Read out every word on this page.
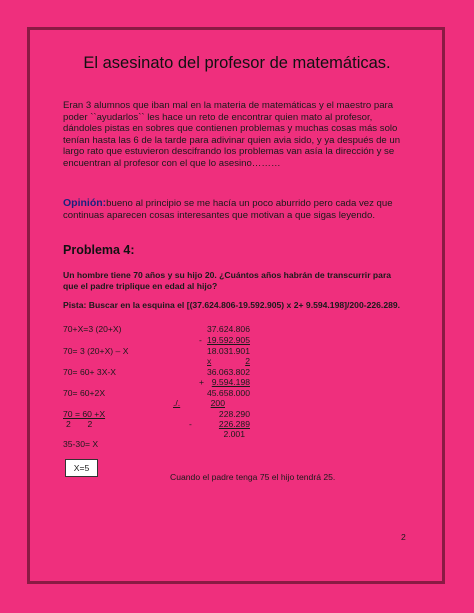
El asesinato del profesor de matemáticas.
Eran 3 alumnos que iban mal en la materia de matemáticas y el maestro para poder ``ayudarlos`` les hace un reto de encontrar quien mato al profesor, dándoles pistas en sobres que contienen problemas y muchas cosas más solo tenían hasta las 6 de la tarde para adivinar quien avia sido, y ya después de un largo rato que estuvieron descifrando los problemas van asía la dirección y se encuentran al profesor con el que lo asesino………
Opinión:bueno al principio se me hacía un poco aburrido pero cada vez que continuas aparecen cosas interesantes que motivan a que sigas leyendo.
Problema 4:
Un hombre tiene 70 años y su hijo 20. ¿Cuántos años habrán de transcurrir para que el padre triplique en edad al hijo?
Pista: Buscar en la esquina el [(37.624.806-19.592.905) x 2+ 9.594.198]/200-226.289.
70+X=3 (20+X)
70= 3 (20+X) – X
70= 60+ 3X-X
70= 60+2X
70 = 60 +X
2       2
35-30= X
37.624.806
- 19.592.905
18.031.901
x	2
36.063.802
+ 9.594.198
45.658.000
./.	200
228.290
-	226.289
2.001
X=5
Cuando el padre tenga 75 el hijo tendrá 25.
2
